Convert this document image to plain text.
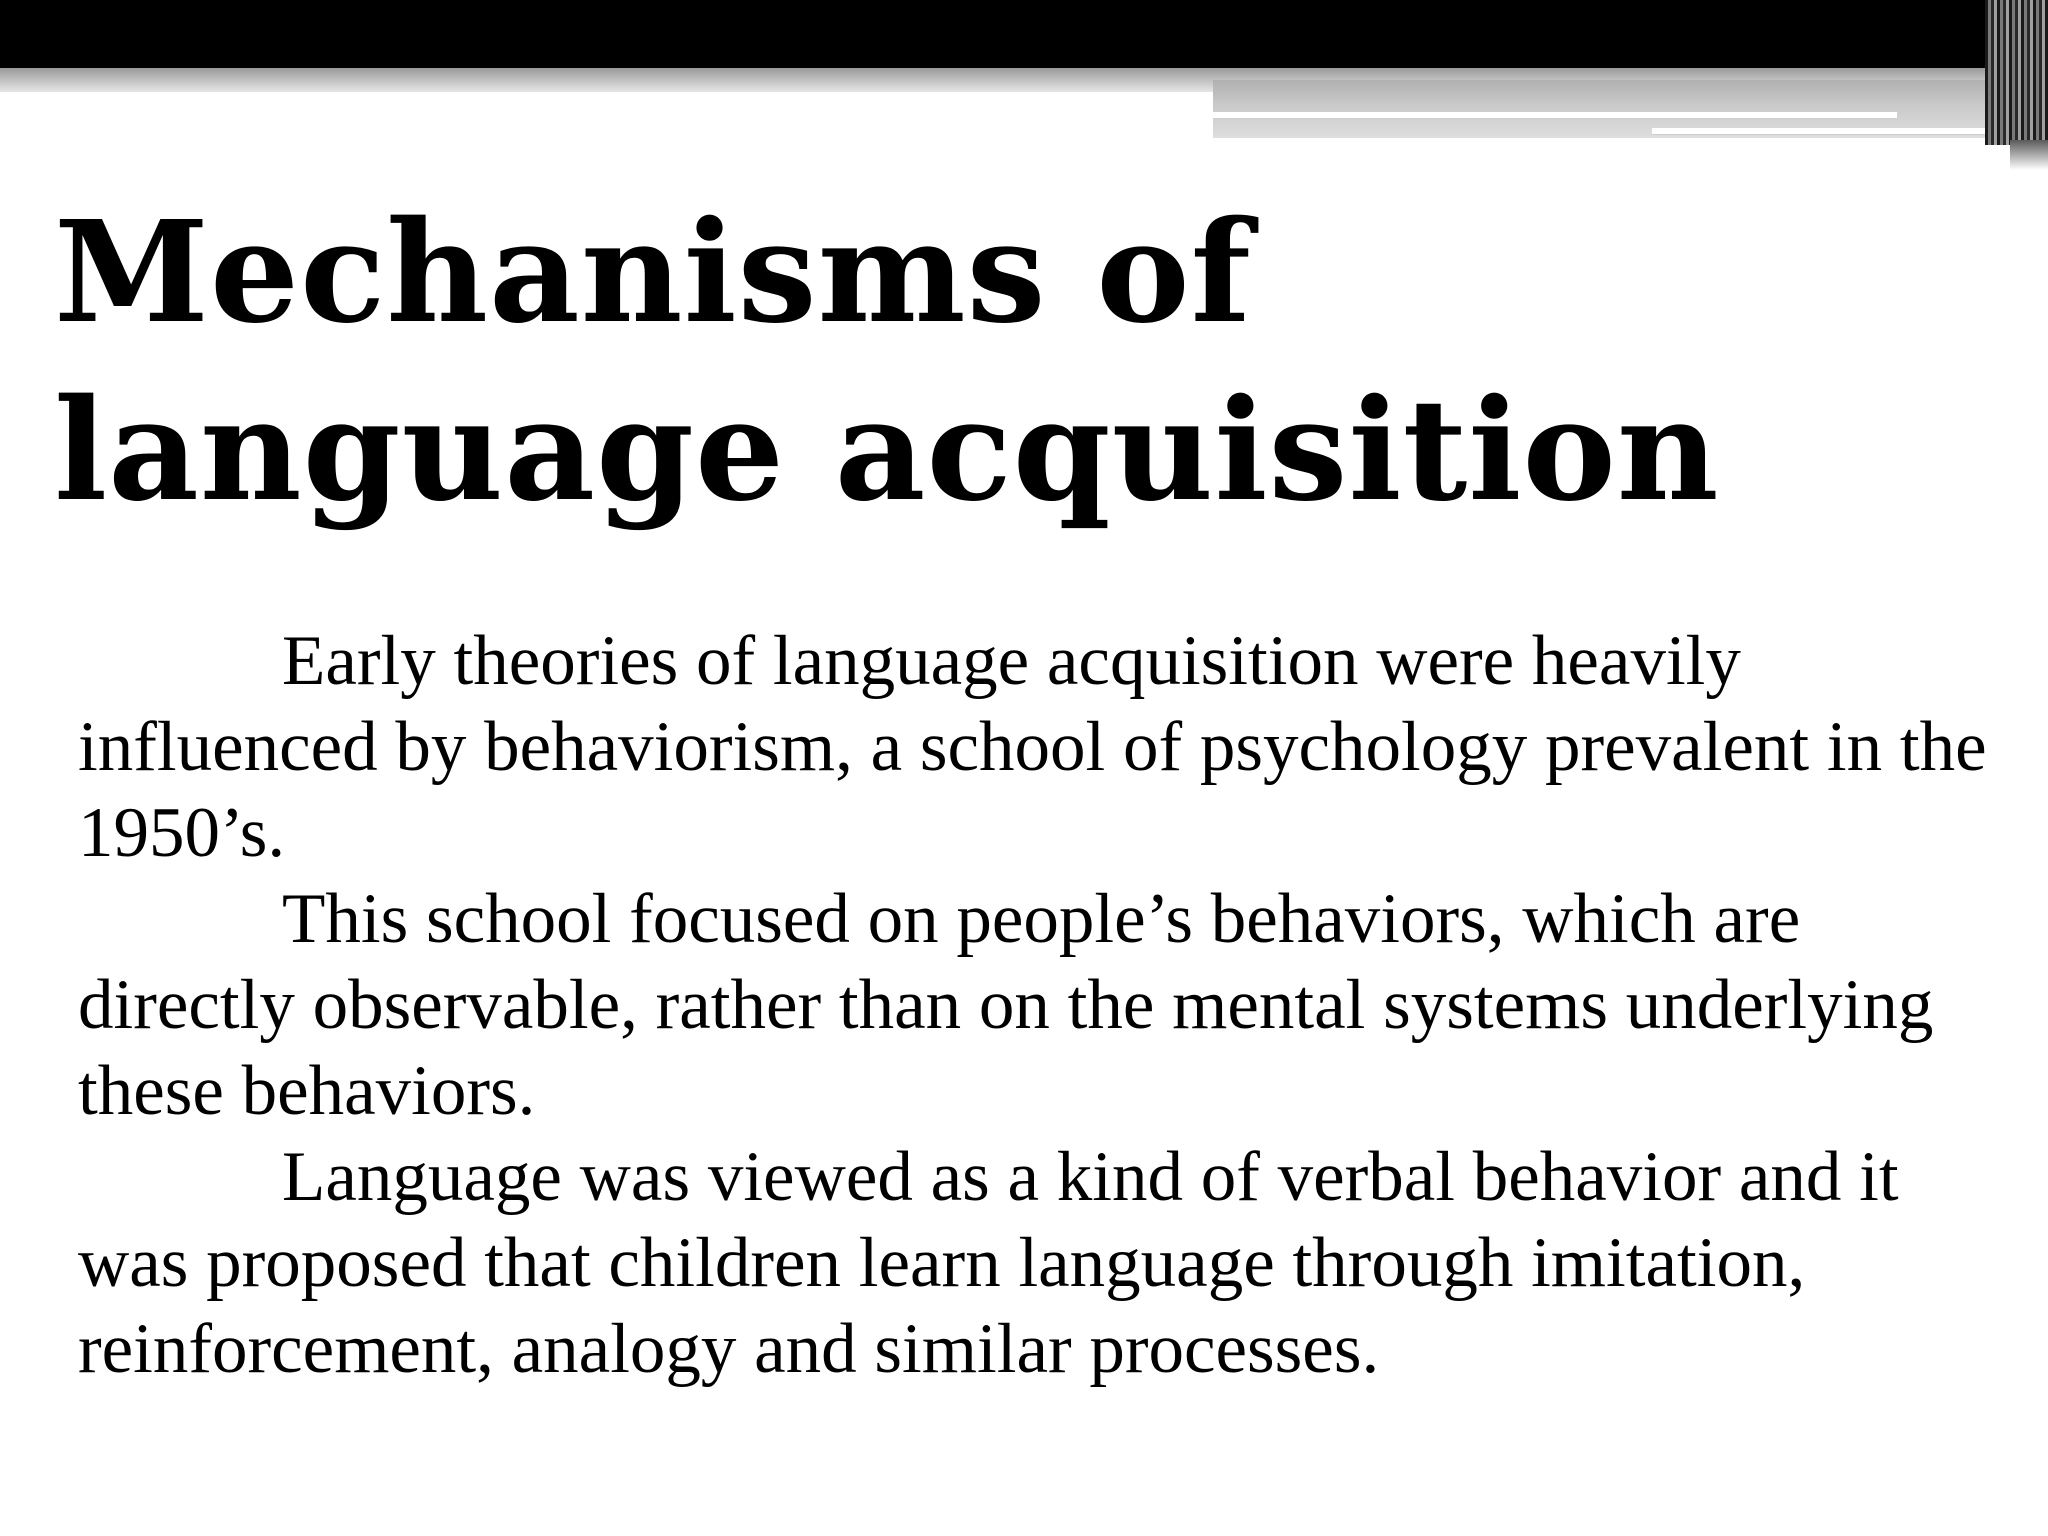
Mechanisms of language acquisition

Early theories of language acquisition were heavily influenced by behaviorism, a school of psychology prevalent in the 1950’s.

This school focused on people’s behaviors, which are directly observable, rather than on the mental systems underlying these behaviors.

Language was viewed as a kind of verbal behavior and it was proposed that children learn language through imitation, reinforcement, analogy and similar processes.
